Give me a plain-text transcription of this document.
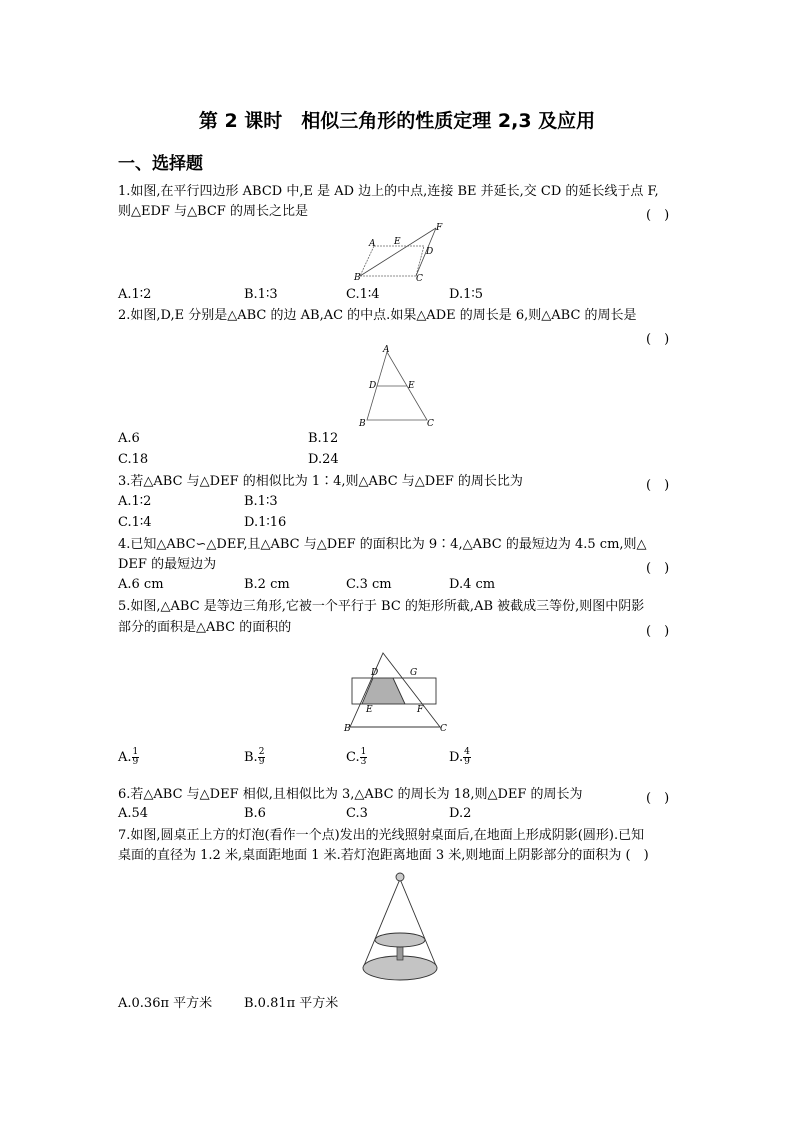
第 2 课时　相似三角形的性质定理 2,3 及应用
一、选择题
1.如图,在平行四边形 ABCD 中,E 是 AD 边上的中点,连接 BE 并延长,交 CD 的延长线于点 F,
则△EDF 与△BCF 的周长之比是	(　)
A E
F
D
B	C
A.1∶2	B.1∶3	C.1∶4	D.1∶5
2.如图,D,E 分别是△ABC 的边 AB,AC 的中点.如果△ADE 的周长是 6,则△ABC 的周长是
(　)
A
D	E
B	C
A.6	B.12
C.18	D.24
3.若△ABC 与△DEF 的相似比为 1∶4,则△ABC 与△DEF 的周长比为	(　)
A.1∶2	B.1∶3
C.1∶4	D.1∶16
4.已知△ABC∽△DEF,且△ABC 与△DEF 的面积比为 9∶4,△ABC 的最短边为 4.5 cm,则△
DEF 的最短边为	(　)
A.6 cm	B.2 cm	C.3 cm	D.4 cm
5.如图,△ABC 是等边三角形,它被一个平行于 BC 的矩形所截,AB 被截成三等份,则图中阴影
部分的面积是△ABC 的面积的	(　)
D	G
E	F
B	C
A. $\frac{1}{9}$	B. $\frac{2}{9}$	C. $\frac{1}{3}$	D. $\frac{4}{9}$
6.若△ABC 与△DEF 相似,且相似比为 3,△ABC 的周长为 18,则△DEF 的周长为	(　)
A.54	B.6	C.3	D.2
7.如图,圆桌正上方的灯泡(看作一个点)发出的光线照射桌面后,在地面上形成阴影(圆形).已知
桌面的直径为 1.2 米,桌面距地面 1 米.若灯泡距离地面 3 米,则地面上阴影部分的面积为 (　)
A.0.36π 平方米 B.0.81π 平方米
